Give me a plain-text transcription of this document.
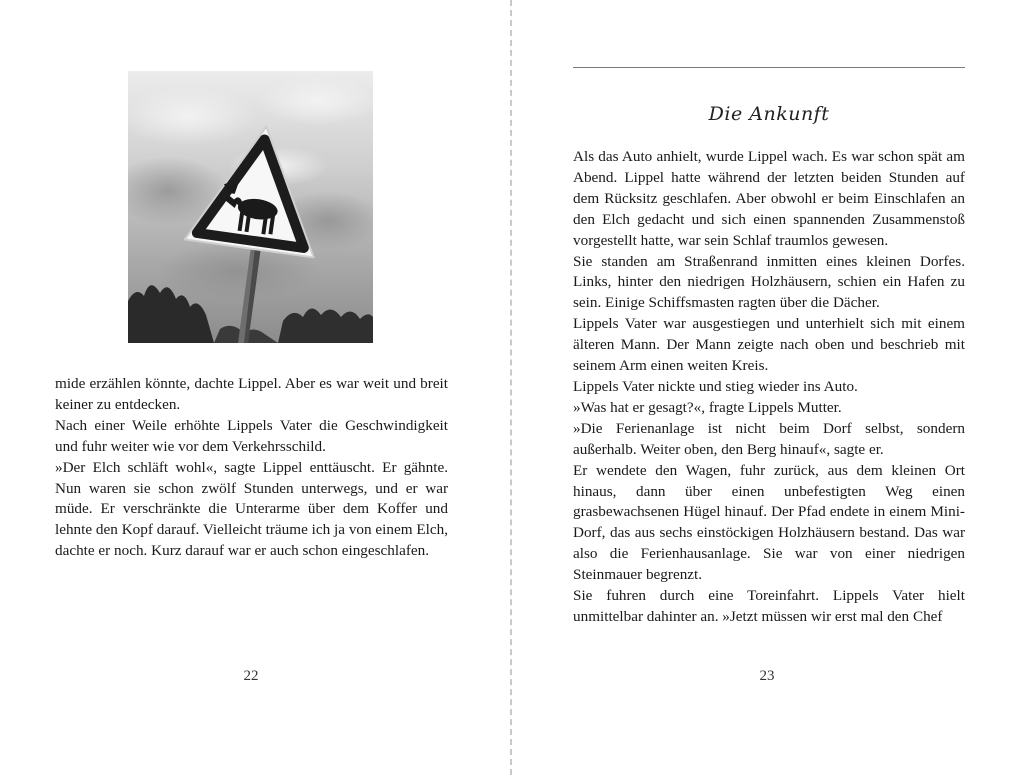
mide erzählen könnte, dachte Lippel. Aber es war weit und breit keiner zu entdecken.

Nach einer Weile erhöhte Lippels Vater die Geschwindigkeit und fuhr weiter wie vor dem Verkehrsschild.

»Der Elch schläft wohl«, sagte Lippel enttäuscht. Er gähnte. Nun waren sie schon zwölf Stunden unterwegs, und er war müde. Er verschränkte die Unterarme über dem Koffer und lehnte den Kopf darauf. Vielleicht träume ich ja von einem Elch, dachte er noch. Kurz darauf war er auch schon eingeschlafen.

22
Die Ankunft

Als das Auto anhielt, wurde Lippel wach. Es war schon spät am Abend. Lippel hatte während der letzten beiden Stunden auf dem Rücksitz geschlafen. Aber obwohl er beim Einschlafen an den Elch gedacht und sich einen spannenden Zusammenstoß vorgestellt hatte, war sein Schlaf traumlos gewesen.

Sie standen am Straßenrand inmitten eines kleinen Dorfes. Links, hinter den niedrigen Holzhäusern, schien ein Hafen zu sein. Einige Schiffsmasten ragten über die Dächer.

Lippels Vater war ausgestiegen und unterhielt sich mit einem älteren Mann. Der Mann zeigte nach oben und beschrieb mit seinem Arm einen weiten Kreis.

Lippels Vater nickte und stieg wieder ins Auto.

»Was hat er gesagt?«, fragte Lippels Mutter.

»Die Ferienanlage ist nicht beim Dorf selbst, sondern außerhalb. Weiter oben, den Berg hinauf«, sagte er.

Er wendete den Wagen, fuhr zurück, aus dem kleinen Ort hinaus, dann über einen unbefestigten Weg einen grasbewachsenen Hügel hinauf. Der Pfad endete in einem Mini-Dorf, das aus sechs einstöckigen Holzhäusern bestand. Das war also die Ferienhausanlage. Sie war von einer niedrigen Steinmauer begrenzt.

Sie fuhren durch eine Toreinfahrt. Lippels Vater hielt unmittelbar dahinter an. »Jetzt müssen wir erst mal den Chef

23
